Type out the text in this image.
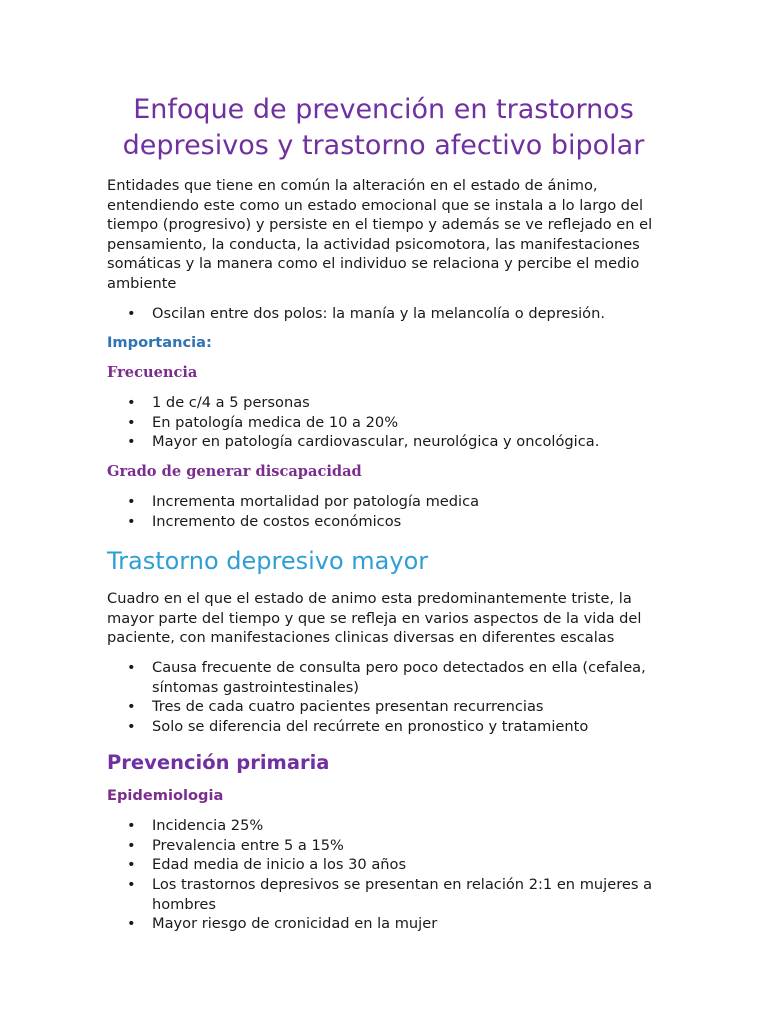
Enfoque de prevención en trastornos depresivos y trastorno afectivo bipolar

Entidades que tiene en común la alteración en el estado de ánimo, entendiendo este como un estado emocional que se instala a lo largo del tiempo (progresivo) y persiste en el tiempo y además se ve reflejado en el pensamiento, la conducta, la actividad psicomotora, las manifestaciones somáticas y la manera como el individuo se relaciona y percibe el medio ambiente

• Oscilan entre dos polos: la manía y la melancolía o depresión.
Importancia:
Frecuencia
• 1 de c/4 a 5 personas
• En patología medica de 10 a 20%
• Mayor en patología cardiovascular, neurológica y oncológica.
Grado de generar discapacidad
• Incrementa mortalidad por patología medica
• Incremento de costos económicos
Trastorno depresivo mayor

Cuadro en el que el estado de animo esta predominantemente triste, la mayor parte del tiempo y que se refleja en varios aspectos de la vida del paciente, con manifestaciones clinicas diversas en diferentes escalas

• Causa frecuente de consulta pero poco detectados en ella (cefalea, síntomas gastrointestinales)
• Tres de cada cuatro pacientes presentan recurrencias
• Solo se diferencia del recúrrete en pronostico y tratamiento
Prevención primaria
Epidemiologia
• Incidencia 25%
• Prevalencia entre 5 a 15%
• Edad media de inicio a los 30 años
• Los trastornos depresivos se presentan en relación 2:1 en mujeres a hombres
• Mayor riesgo de cronicidad en la mujer
